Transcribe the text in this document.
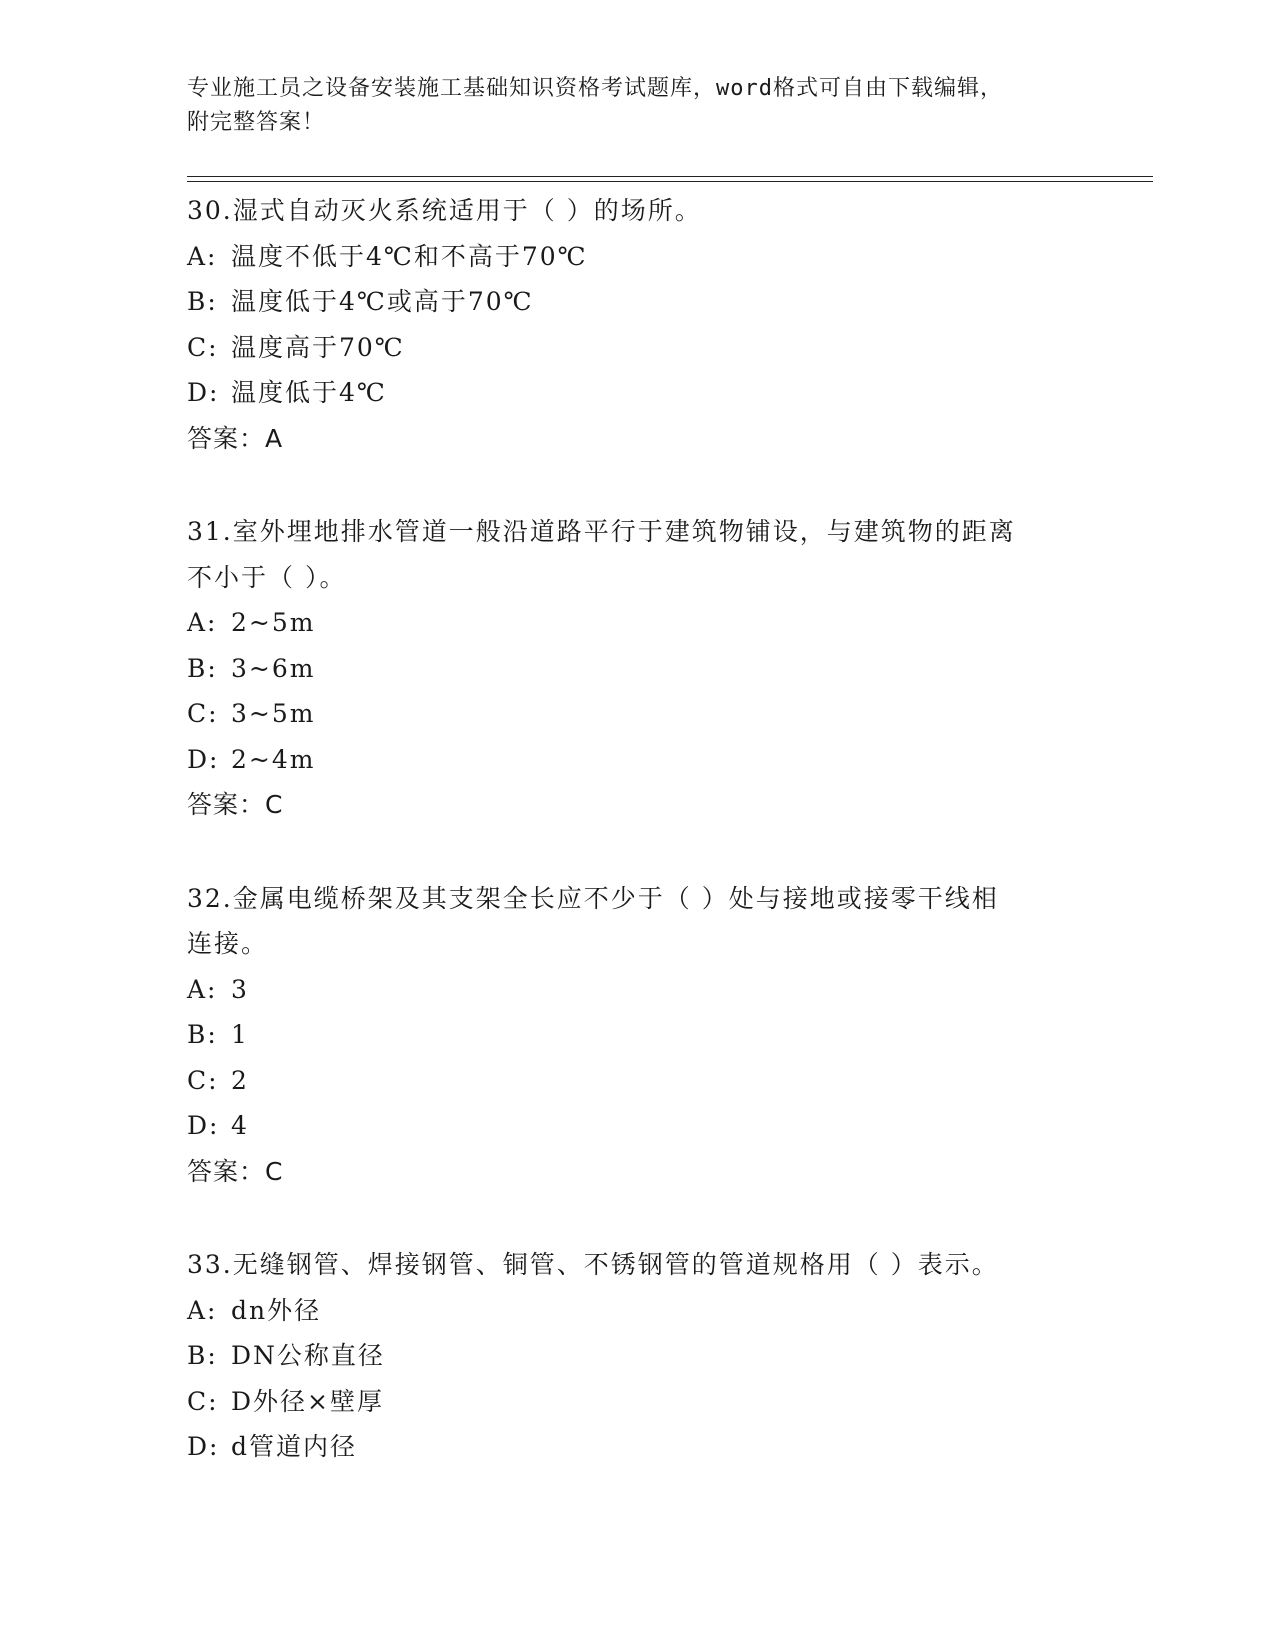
专业施工员之设备安装施工基础知识资格考试题库，word格式可自由下载编辑，
附完整答案！
30.湿式自动灭火系统适用于（ ）的场所。
A: 温度不低于4℃和不高于70℃
B: 温度低于4℃或高于70℃
C: 温度高于70℃
D: 温度低于4℃
答案：A
31.室外埋地排水管道一般沿道路平行于建筑物铺设，与建筑物的距离
不小于（ ）。
A: 2~5m
B: 3~6m
C: 3~5m
D: 2~4m
答案：C
32.金属电缆桥架及其支架全长应不少于（ ）处与接地或接零干线相
连接。
A: 3
B: 1
C: 2
D: 4
答案：C
33.无缝钢管、焊接钢管、铜管、不锈钢管的管道规格用（ ）表示。
A: dn外径
B: DN公称直径
C: D外径×壁厚
D: d管道内径
